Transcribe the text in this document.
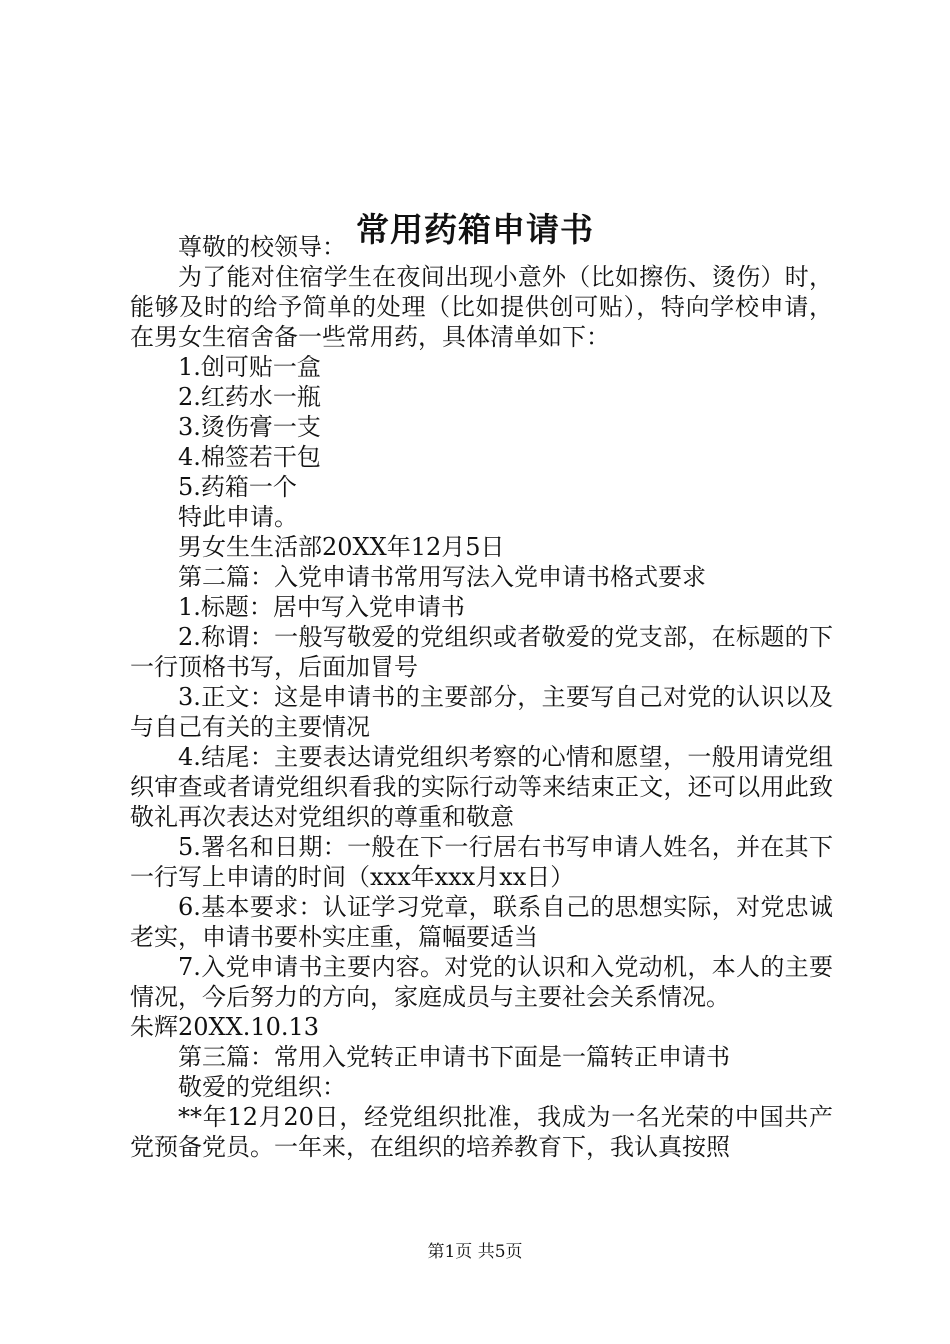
常用药箱申请书

尊敬的校领导：

为了能对住宿学生在夜间出现小意外（比如擦伤、烫伤）时，能够及时的给予简单的处理（比如提供创可贴），特向学校申请，在男女生宿舍备一些常用药，具体清单如下：

1.创可贴一盒

2.红药水一瓶

3.烫伤膏一支

4.棉签若干包

5.药箱一个

特此申请。

男女生生活部20XX年12月5日

第二篇：入党申请书常用写法入党申请书格式要求

1.标题：居中写入党申请书

2.称谓：一般写敬爱的党组织或者敬爱的党支部，在标题的下一行顶格书写，后面加冒号

3.正文：这是申请书的主要部分，主要写自己对党的认识以及与自己有关的主要情况

4.结尾：主要表达请党组织考察的心情和愿望，一般用请党组织审查或者请党组织看我的实际行动等来结束正文，还可以用此致敬礼再次表达对党组织的尊重和敬意

5.署名和日期：一般在下一行居右书写申请人姓名，并在其下一行写上申请的时间（xxx年xxx月xx日）

6.基本要求：认证学习党章，联系自己的思想实际，对党忠诚老实，申请书要朴实庄重，篇幅要适当

7.入党申请书主要内容。对党的认识和入党动机，本人的主要情况，今后努力的方向，家庭成员与主要社会关系情况。

朱辉20XX.10.13

第三篇：常用入党转正申请书下面是一篇转正申请书

敬爱的党组织：

**年12月20日，经党组织批准，我成为一名光荣的中国共产党预备党员。一年来，在组织的培养教育下，我认真按照

第1页 共5页
